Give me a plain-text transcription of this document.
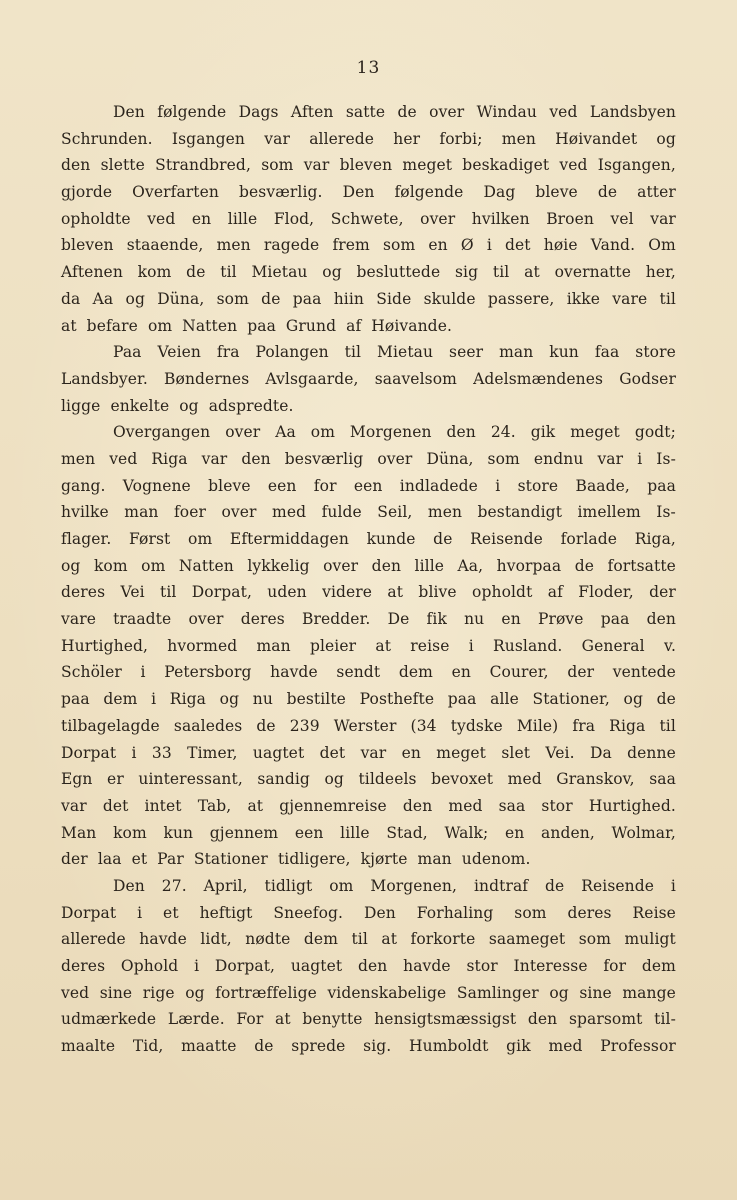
13
Den følgende Dags Aften satte de over Windau ved Landsbyen
Schrunden. Isgangen var allerede her forbi; men Høivandet og
den slette Strandbred, som var bleven meget beskadiget ved Isgangen,
gjorde Overfarten besværlig. Den følgende Dag bleve de atter
opholdte ved en lille Flod, Schwete, over hvilken Broen vel var
bleven staaende, men ragede frem som en Ø i det høie Vand. Om
Aftenen kom de til Mietau og besluttede sig til at overnatte her,
da Aa og Düna, som de paa hiin Side skulde passere, ikke vare til
at befare om Natten paa Grund af Høivande.
Paa Veien fra Polangen til Mietau seer man kun faa store
Landsbyer. Bøndernes Avlsgaarde, saavelsom Adelsmændenes Godser
ligge enkelte og adspredte.
Overgangen over Aa om Morgenen den 24. gik meget godt;
men ved Riga var den besværlig over Düna, som endnu var i Is-
gang. Vognene bleve een for een indladede i store Baade, paa
hvilke man foer over med fulde Seil, men bestandigt imellem Is-
flager. Først om Eftermiddagen kunde de Reisende forlade Riga,
og kom om Natten lykkelig over den lille Aa, hvorpaa de fortsatte
deres Vei til Dorpat, uden videre at blive opholdt af Floder, der
vare traadte over deres Bredder. De fik nu en Prøve paa den
Hurtighed, hvormed man pleier at reise i Rusland. General v.
Schöler i Petersborg havde sendt dem en Courer, der ventede
paa dem i Riga og nu bestilte Posthefte paa alle Stationer, og de
tilbagelagde saaledes de 239 Werster (34 tydske Mile) fra Riga til
Dorpat i 33 Timer, uagtet det var en meget slet Vei. Da denne
Egn er uinteressant, sandig og tildeels bevoxet med Granskov, saa
var det intet Tab, at gjennemreise den med saa stor Hurtighed.
Man kom kun gjennem een lille Stad, Walk; en anden, Wolmar,
der laa et Par Stationer tidligere, kjørte man udenom.
Den 27. April, tidligt om Morgenen, indtraf de Reisende i
Dorpat i et heftigt Sneefog. Den Forhaling som deres Reise
allerede havde lidt, nødte dem til at forkorte saameget som muligt
deres Ophold i Dorpat, uagtet den havde stor Interesse for dem
ved sine rige og fortræffelige videnskabelige Samlinger og sine mange
udmærkede Lærde. For at benytte hensigtsmæssigst den sparsomt til-
maalte Tid, maatte de sprede sig. Humboldt gik med Professor
